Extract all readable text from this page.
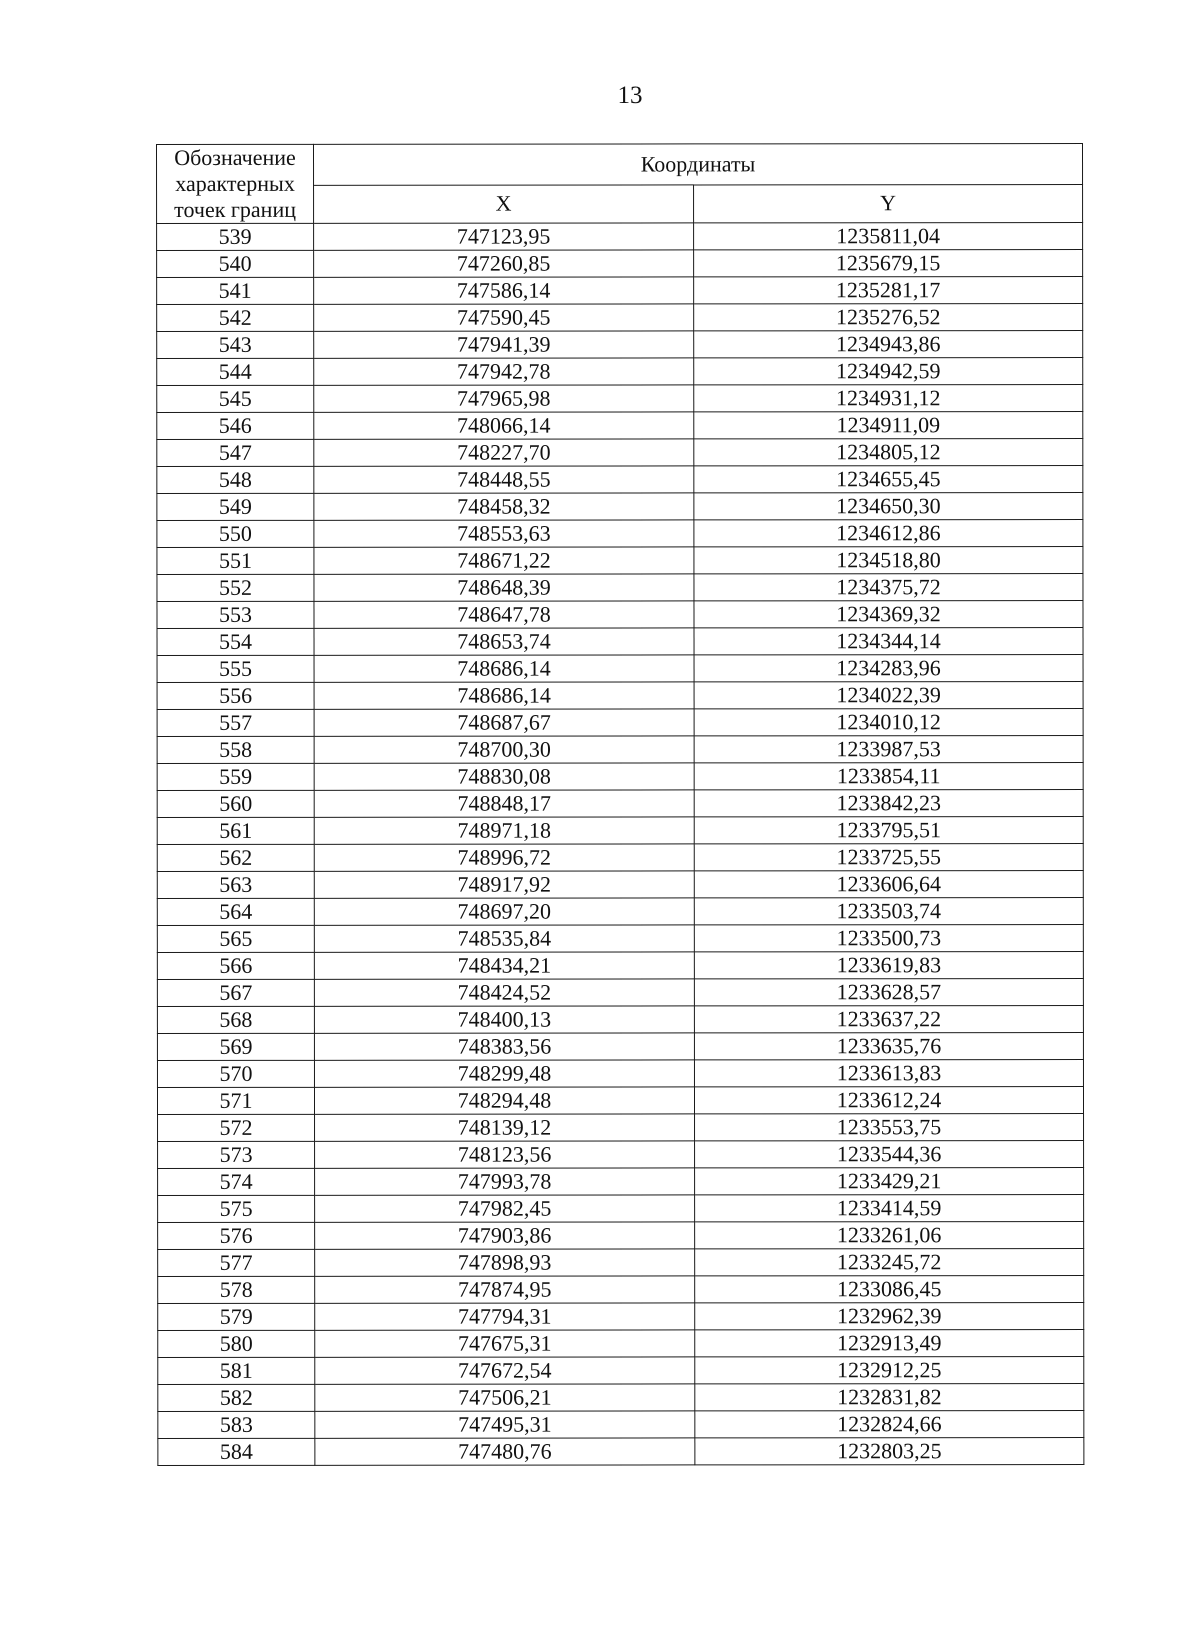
13
Обозначение характерных точек границ	Координаты	
	X	Y
539	747123,95	1235811,04
540	747260,85	1235679,15
541	747586,14	1235281,17
542	747590,45	1235276,52
543	747941,39	1234943,86
544	747942,78	1234942,59
545	747965,98	1234931,12
546	748066,14	1234911,09
547	748227,70	1234805,12
548	748448,55	1234655,45
549	748458,32	1234650,30
550	748553,63	1234612,86
551	748671,22	1234518,80
552	748648,39	1234375,72
553	748647,78	1234369,32
554	748653,74	1234344,14
555	748686,14	1234283,96
556	748686,14	1234022,39
557	748687,67	1234010,12
558	748700,30	1233987,53
559	748830,08	1233854,11
560	748848,17	1233842,23
561	748971,18	1233795,51
562	748996,72	1233725,55
563	748917,92	1233606,64
564	748697,20	1233503,74
565	748535,84	1233500,73
566	748434,21	1233619,83
567	748424,52	1233628,57
568	748400,13	1233637,22
569	748383,56	1233635,76
570	748299,48	1233613,83
571	748294,48	1233612,24
572	748139,12	1233553,75
573	748123,56	1233544,36
574	747993,78	1233429,21
575	747982,45	1233414,59
576	747903,86	1233261,06
577	747898,93	1233245,72
578	747874,95	1233086,45
579	747794,31	1232962,39
580	747675,31	1232913,49
581	747672,54	1232912,25
582	747506,21	1232831,82
583	747495,31	1232824,66
584	747480,76	1232803,25
